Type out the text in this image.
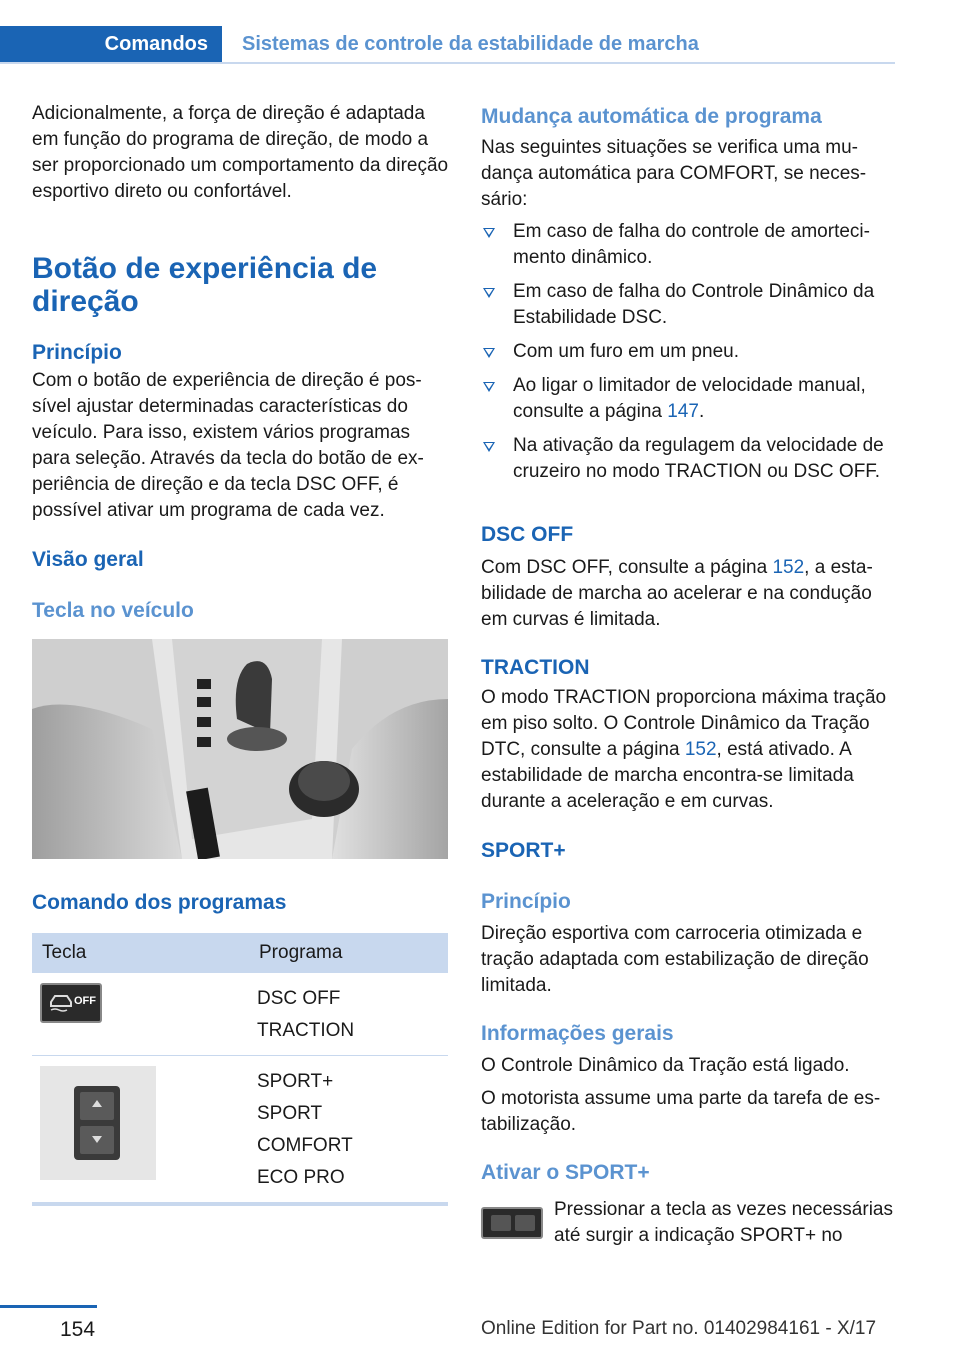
Comandos	Sistemas de controle da estabilidade de marcha

Adicionalmente, a força de direção é adaptada em função do programa de direção, de modo a ser proporcionado um comportamento da direção esportivo direto ou confortável.

Botão de experiência de direção
Princípio

Com o botão de experiência de direção é possível ajustar determinadas características do veículo. Para isso, existem vários programas para seleção. Através da tecla do botão de experiência de direção e da tecla DSC OFF, é possível ativar um programa de cada vez.

Visão geral
Tecla no veículo
Comando dos programas
Tecla	Programa

OFF	DSC OFF
TRACTION

	SPORT+
SPORT
COMFORT
ECO PRO
Mudança automática de programa

Nas seguintes situações se verifica uma mudança automática para COMFORT, se necessário:

Em caso de falha do controle de amortecimento dinâmico.
Em caso de falha do Controle Dinâmico da Estabilidade DSC.
Com um furo em um pneu.
Ao ligar o limitador de velocidade manual, consulte a página 147.
Na ativação da regulagem da velocidade de cruzeiro no modo TRACTION ou DSC OFF.
DSC OFF

Com DSC OFF, consulte a página 152, a estabilidade de marcha ao acelerar e na condução em curvas é limitada.

TRACTION

O modo TRACTION proporciona máxima tração em piso solto. O Controle Dinâmico da Tração DTC, consulte a página 152, está ativado. A estabilidade de marcha encontra-se limitada durante a aceleração e em curvas.

SPORT+
Princípio

Direção esportiva com carroceria otimizada e tração adaptada com estabilização de direção limitada.

Informações gerais

O Controle Dinâmico da Tração está ligado.

O motorista assume uma parte da tarefa de estabilização.

Ativar o SPORT+

Pressionar a tecla as vezes necessárias até surgir a indicação SPORT+ no

154	Online Edition for Part no. 01402984161 - X/17
